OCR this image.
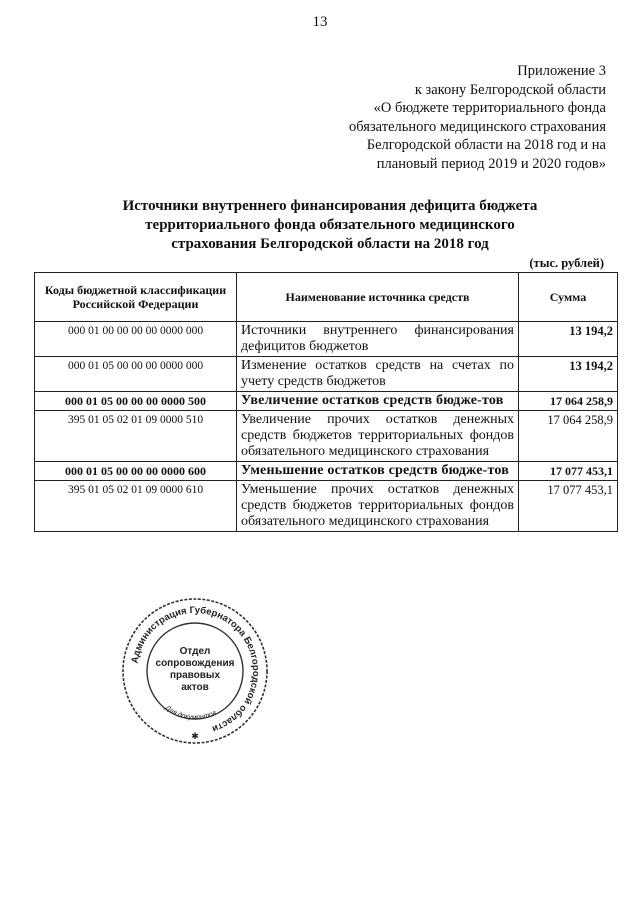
13
Приложение 3
к закону Белгородской области
«О бюджете территориального фонда
обязательного медицинского страхования
Белгородской области на 2018 год и на
плановый период 2019 и 2020 годов»
Источники внутреннего финансирования дефицита бюджета
территориального фонда обязательного медицинского
страхования Белгородской области на 2018 год
(тыс. рублей)
Коды бюджетной классификации Российской Федерации	Наименование источника средств	Сумма
000 01 00 00 00 00 0000 000	Источники внутреннего финансирования дефицитов бюджетов	13 194,2
000 01 05 00 00 00 0000 000	Изменение остатков средств на счетах по учету средств бюджетов	13 194,2
000 01 05 00 00 00 0000 500	Увеличение остатков средств бюдже-тов	17 064 258,9
395 01 05 02 01 09 0000 510	Увеличение прочих остатков денежных средств бюджетов территориальных фондов обязательного медицинского страхования	17 064 258,9
000 01 05 00 00 00 0000 600	Уменьшение остатков средств бюдже-тов	17 077 453,1
395 01 05 02 01 09 0000 610	Уменьшение прочих остатков денежных средств бюджетов территориальных фондов обязательного медицинского страхования	17 077 453,1
Администрация Губернатора Белгородской области
Для документов
Отдел
сопровождения
правовых
актов
✱
